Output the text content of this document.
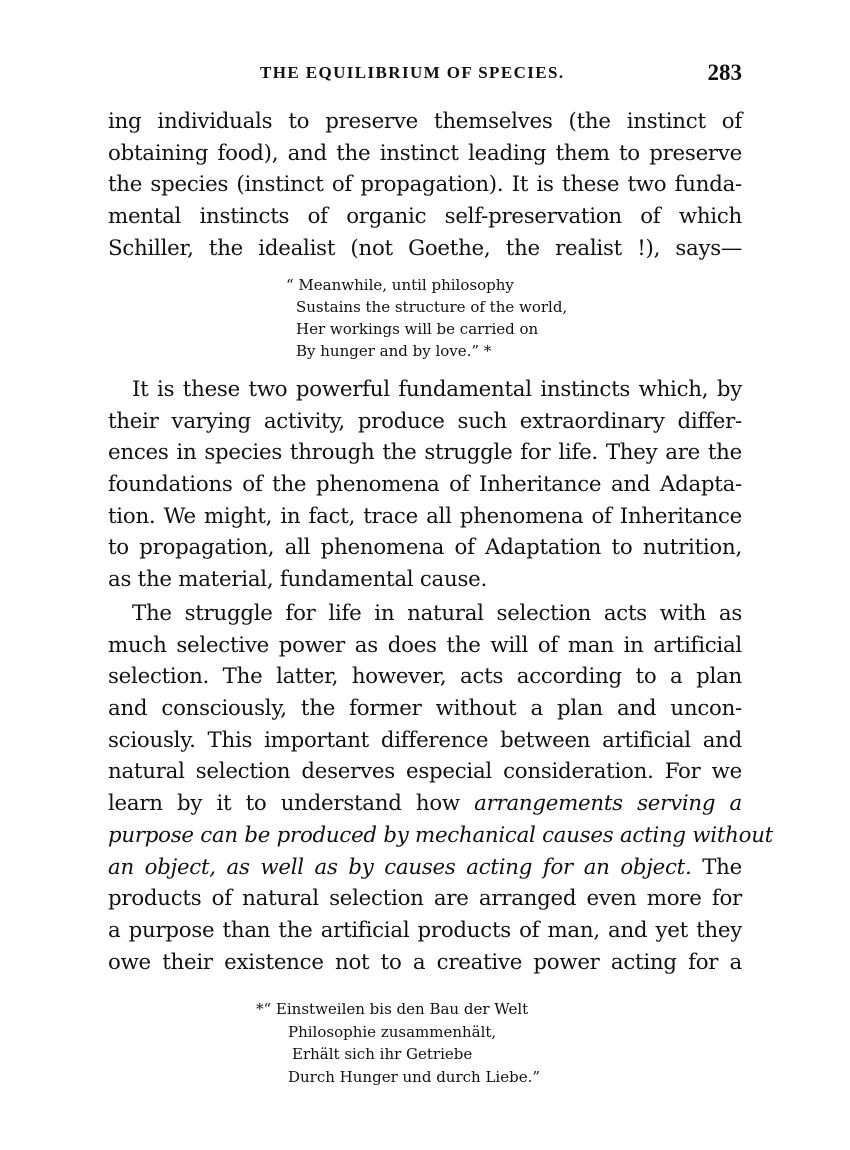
THE EQUILIBRIUM OF SPECIES.	283
ing individuals to preserve themselves (the instinct of
obtaining food), and the instinct leading them to preserve
the species (instinct of propagation). It is these two funda-
mental instincts of organic self-preservation of which
Schiller, the idealist (not Goethe, the realist !), says—
“ Meanwhile, until philosophy
Sustains the structure of the world,
Her workings will be carried on
By hunger and by love.” *
It is these two powerful fundamental instincts which, by
their varying activity, produce such extraordinary differ-
ences in species through the struggle for life. They are the
foundations of the phenomena of Inheritance and Adapta-
tion. We might, in fact, trace all phenomena of Inheritance
to propagation, all phenomena of Adaptation to nutrition,
as the material, fundamental cause.
The struggle for life in natural selection acts with as
much selective power as does the will of man in artificial
selection. The latter, however, acts according to a plan
and consciously, the former without a plan and uncon-
sciously. This important difference between artificial and
natural selection deserves especial consideration. For we
learn by it to understand how arrangements serving a
purpose can be produced by mechanical causes acting without
an object, as well as by causes acting for an object. The
products of natural selection are arranged even more for
a purpose than the artificial products of man, and yet they
owe their existence not to a creative power acting for a
*“ Einstweilen bis den Bau der Welt
Philosophie zusammenhält,
Erhält sich ihr Getriebe
Durch Hunger und durch Liebe.”
